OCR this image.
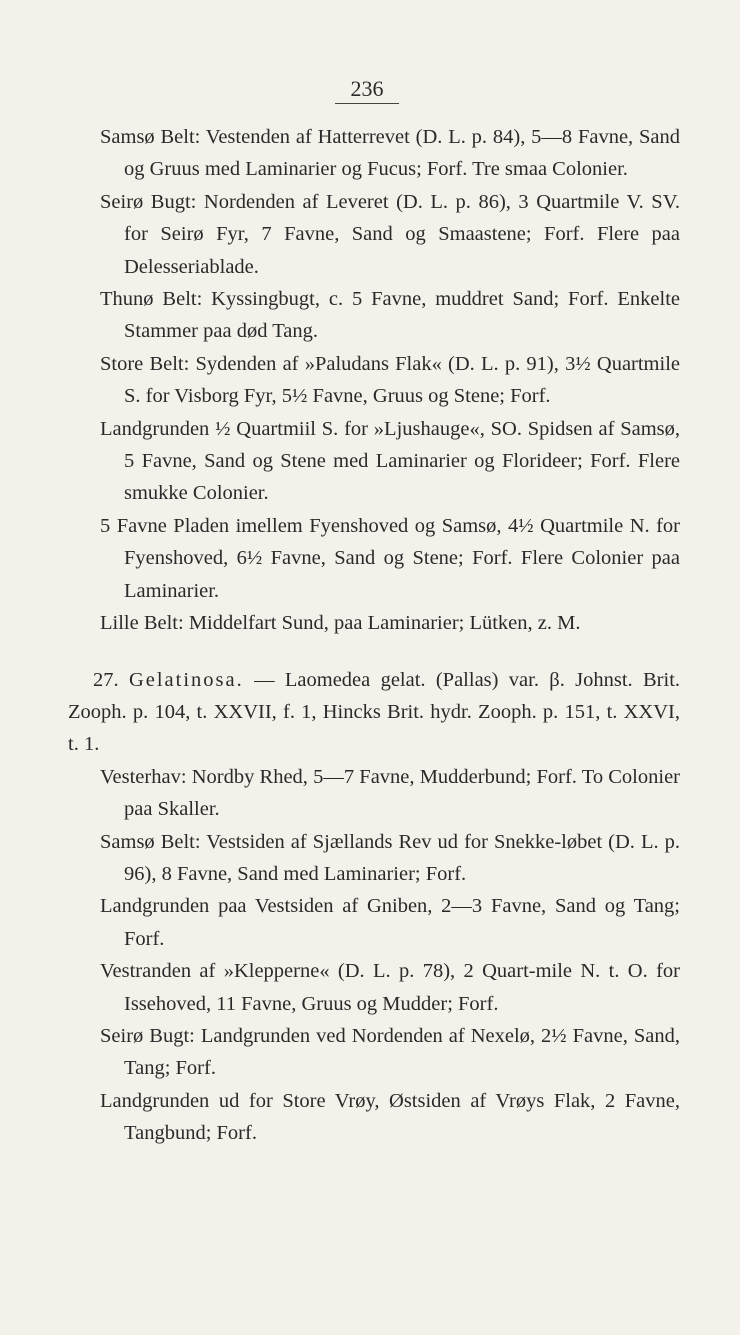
236

Samsø Belt: Vestenden af Hatterrevet (D. L. p. 84), 5—8 Favne, Sand og Gruus med Laminarier og Fucus; Forf. Tre smaa Colonier.

Seirø Bugt: Nordenden af Leveret (D. L. p. 86), 3 Quartmile V. SV. for Seirø Fyr, 7 Favne, Sand og Smaastene; Forf. Flere paa Delesseriablade.

Thunø Belt: Kyssingbugt, c. 5 Favne, muddret Sand; Forf. Enkelte Stammer paa død Tang.

Store Belt: Sydenden af »Paludans Flak« (D. L. p. 91), 3½ Quartmile S. for Visborg Fyr, 5½ Favne, Gruus og Stene; Forf.

Landgrunden ½ Quartmiil S. for »Ljushauge«, SO. Spidsen af Samsø, 5 Favne, Sand og Stene med Laminarier og Florideer; Forf. Flere smukke Colonier.

5 Favne Pladen imellem Fyenshoved og Samsø, 4½ Quartmile N. for Fyenshoved, 6½ Favne, Sand og Stene; Forf. Flere Colonier paa Laminarier.

Lille Belt: Middelfart Sund, paa Laminarier; Lütken, z. M.

27. Gelatinosa. — Laomedea gelat. (Pallas) var. β. Johnst. Brit. Zooph. p. 104, t. XXVII, f. 1, Hincks Brit. hydr. Zooph. p. 151, t. XXVI, t. 1.

Vesterhav: Nordby Rhed, 5—7 Favne, Mudderbund; Forf. To Colonier paa Skaller.

Samsø Belt: Vestsiden af Sjællands Rev ud for Snekke-løbet (D. L. p. 96), 8 Favne, Sand med Laminarier; Forf.

Landgrunden paa Vestsiden af Gniben, 2—3 Favne, Sand og Tang; Forf.

Vestranden af »Klepperne« (D. L. p. 78), 2 Quart-mile N. t. O. for Issehoved, 11 Favne, Gruus og Mudder; Forf.

Seirø Bugt: Landgrunden ved Nordenden af Nexelø, 2½ Favne, Sand, Tang; Forf.

Landgrunden ud for Store Vrøy, Østsiden af Vrøys Flak, 2 Favne, Tangbund; Forf.
